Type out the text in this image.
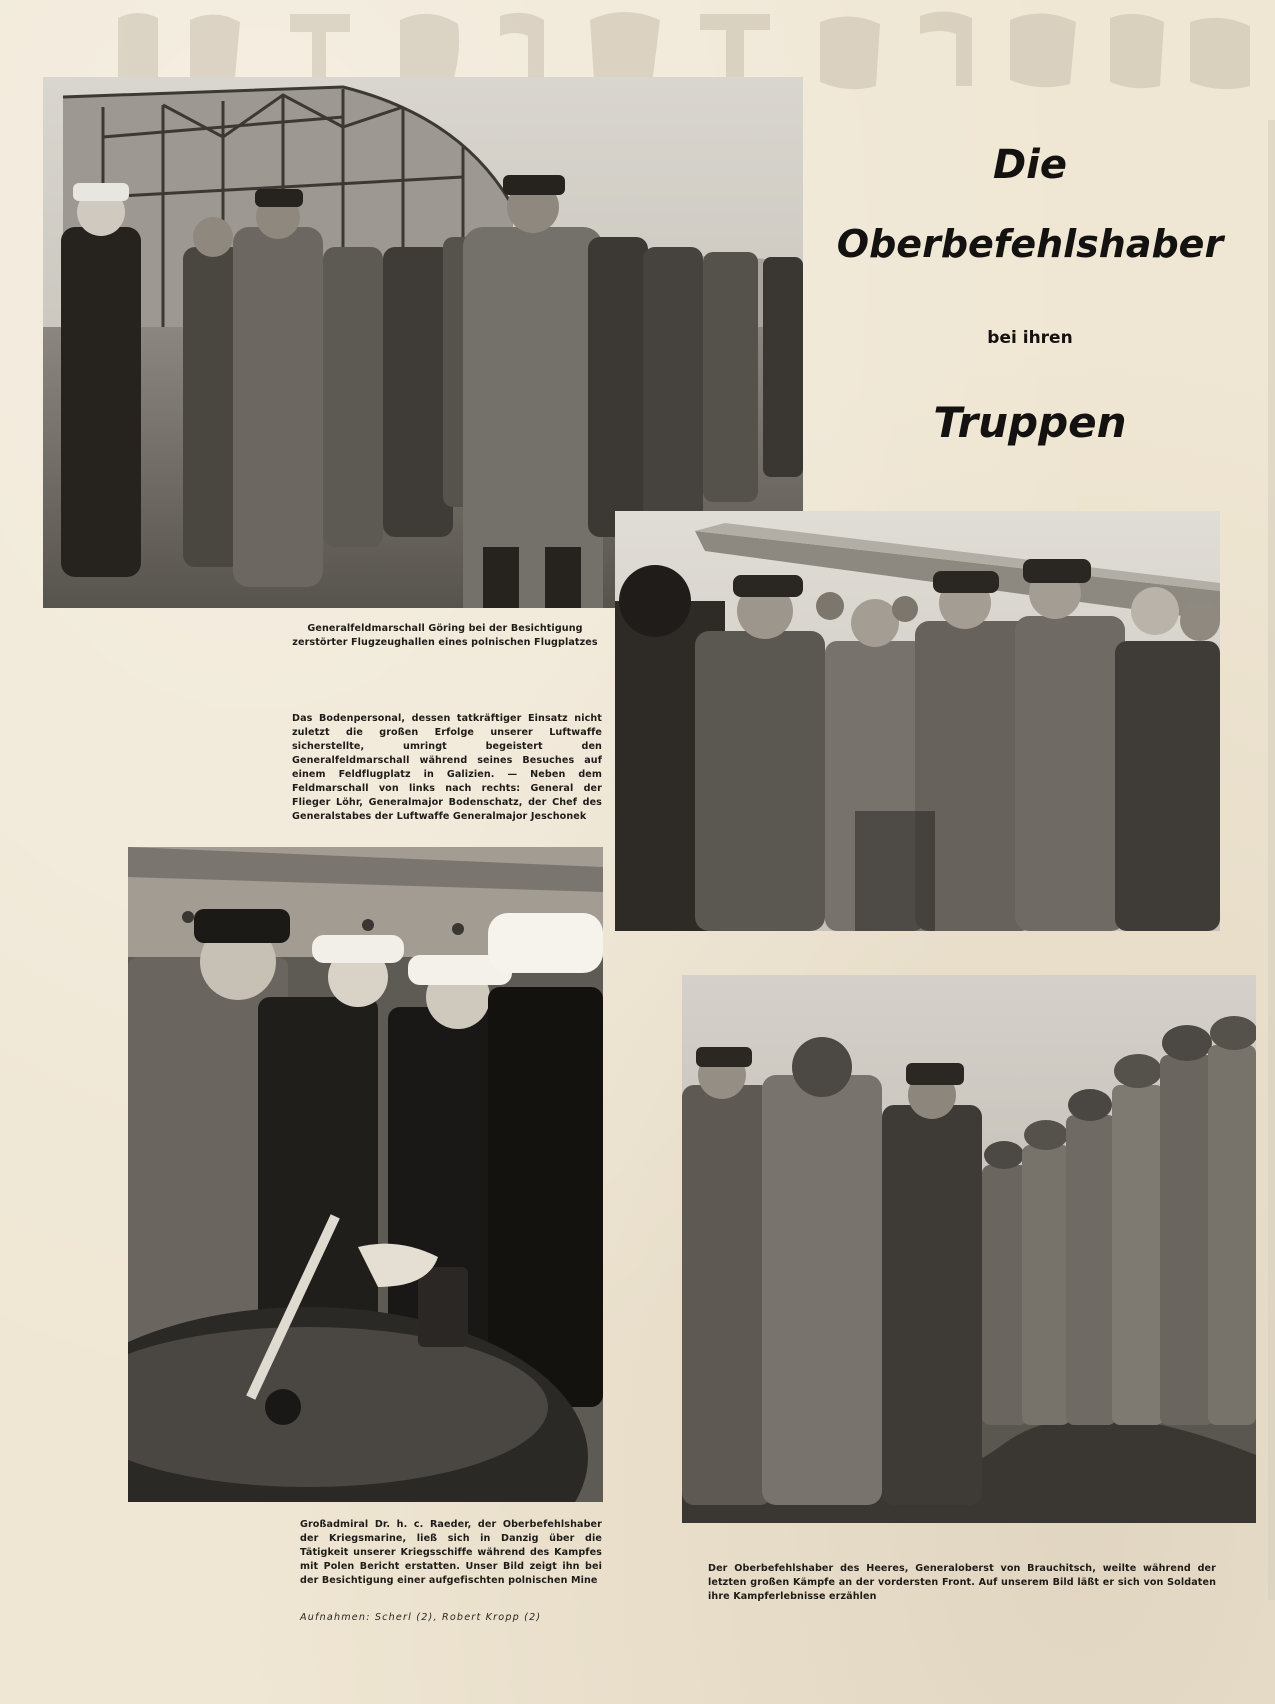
Die
Oberbefehlshaber
bei ihren
Truppen
Generalfeldmarschall Göring bei der Besichtigung zerstörter Flugzeughallen eines polnischen Flugplatzes
Das Bodenpersonal, dessen tatkräftiger Einsatz nicht zuletzt die großen Erfolge unserer Luftwaffe sicherstellte, umringt begeistert den Generalfeldmarschall während seines Besuches auf einem Feldflugplatz in Galizien. — Neben dem Feldmarschall von links nach rechts: General der Flieger Löhr, Generalmajor Bodenschatz, der Chef des Generalstabes der Luftwaffe Generalmajor Jeschonek
Großadmiral Dr. h. c. Raeder, der Oberbefehlshaber der Kriegsmarine, ließ sich in Danzig über die Tätigkeit unserer Kriegsschiffe während des Kampfes mit Polen Bericht erstatten. Unser Bild zeigt ihn bei der Besichtigung einer aufgefischten polnischen Mine
Aufnahmen: Scherl (2), Robert Kropp (2)
Der Oberbefehlshaber des Heeres, Generaloberst von Brauchitsch, weilte während der letzten großen Kämpfe an der vordersten Front. Auf unserem Bild läßt er sich von Soldaten ihre Kampferlebnisse erzählen
